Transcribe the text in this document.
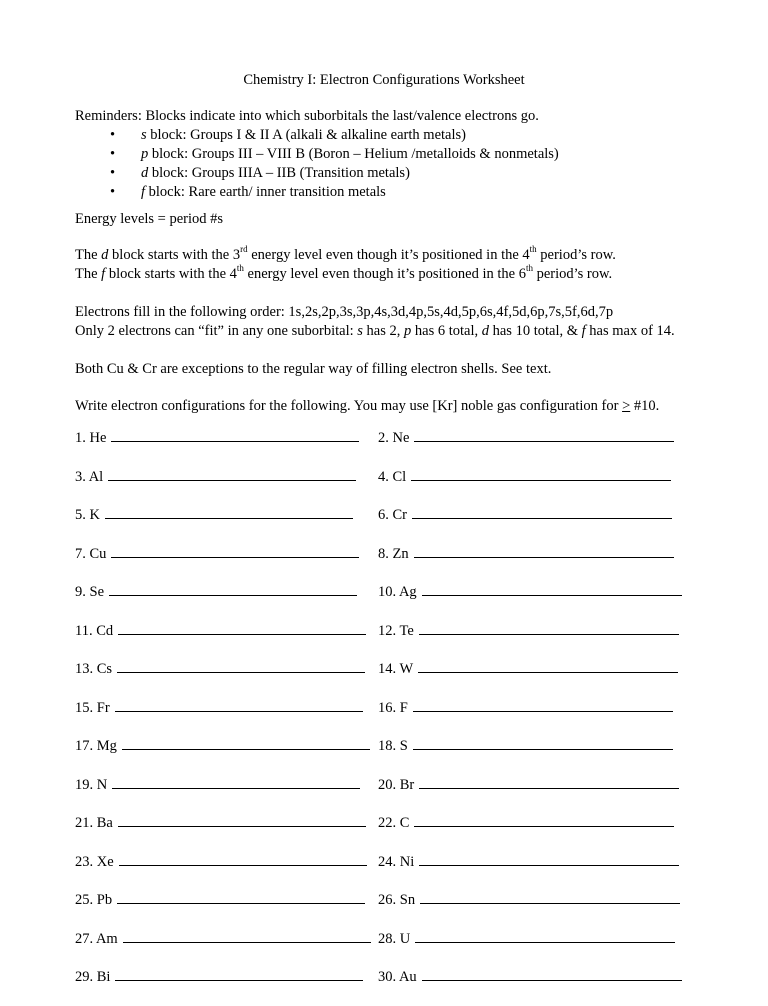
Chemistry I: Electron Configurations Worksheet
Reminders: Blocks indicate into which suborbitals the last/valence electrons go.
• s block: Groups I & II A (alkali & alkaline earth metals)
• p block: Groups III – VIII B (Boron – Helium /metalloids & nonmetals)
• d block: Groups IIIA – IIB (Transition metals)
• f block: Rare earth/ inner transition metals
Energy levels = period #s
The d block starts with the 3rd energy level even though it’s positioned in the 4th period’s row.
The f block starts with the 4th energy level even though it’s positioned in the 6th period’s row.
Electrons fill in the following order: 1s,2s,2p,3s,3p,4s,3d,4p,5s,4d,5p,6s,4f,5d,6p,7s,5f,6d,7p
Only 2 electrons can “fit” in any one suborbital: s has 2, p has 6 total, d has 10 total, & f has max of 14.
Both Cu & Cr are exceptions to the regular way of filling electron shells. See text.
Write electron configurations for the following. You may use [Kr] noble gas configuration for > #10.
1. He	2. Ne
3. Al	4. Cl
5. K	6. Cr
7. Cu	8. Zn
9. Se	10. Ag
11. Cd	12. Te
13. Cs	14. W
15. Fr	16. F
17. Mg	18. S
19. N	20. Br
21. Ba	22. C
23. Xe	24. Ni
25. Pb	26. Sn
27. Am	28. U
29. Bi	30. Au
